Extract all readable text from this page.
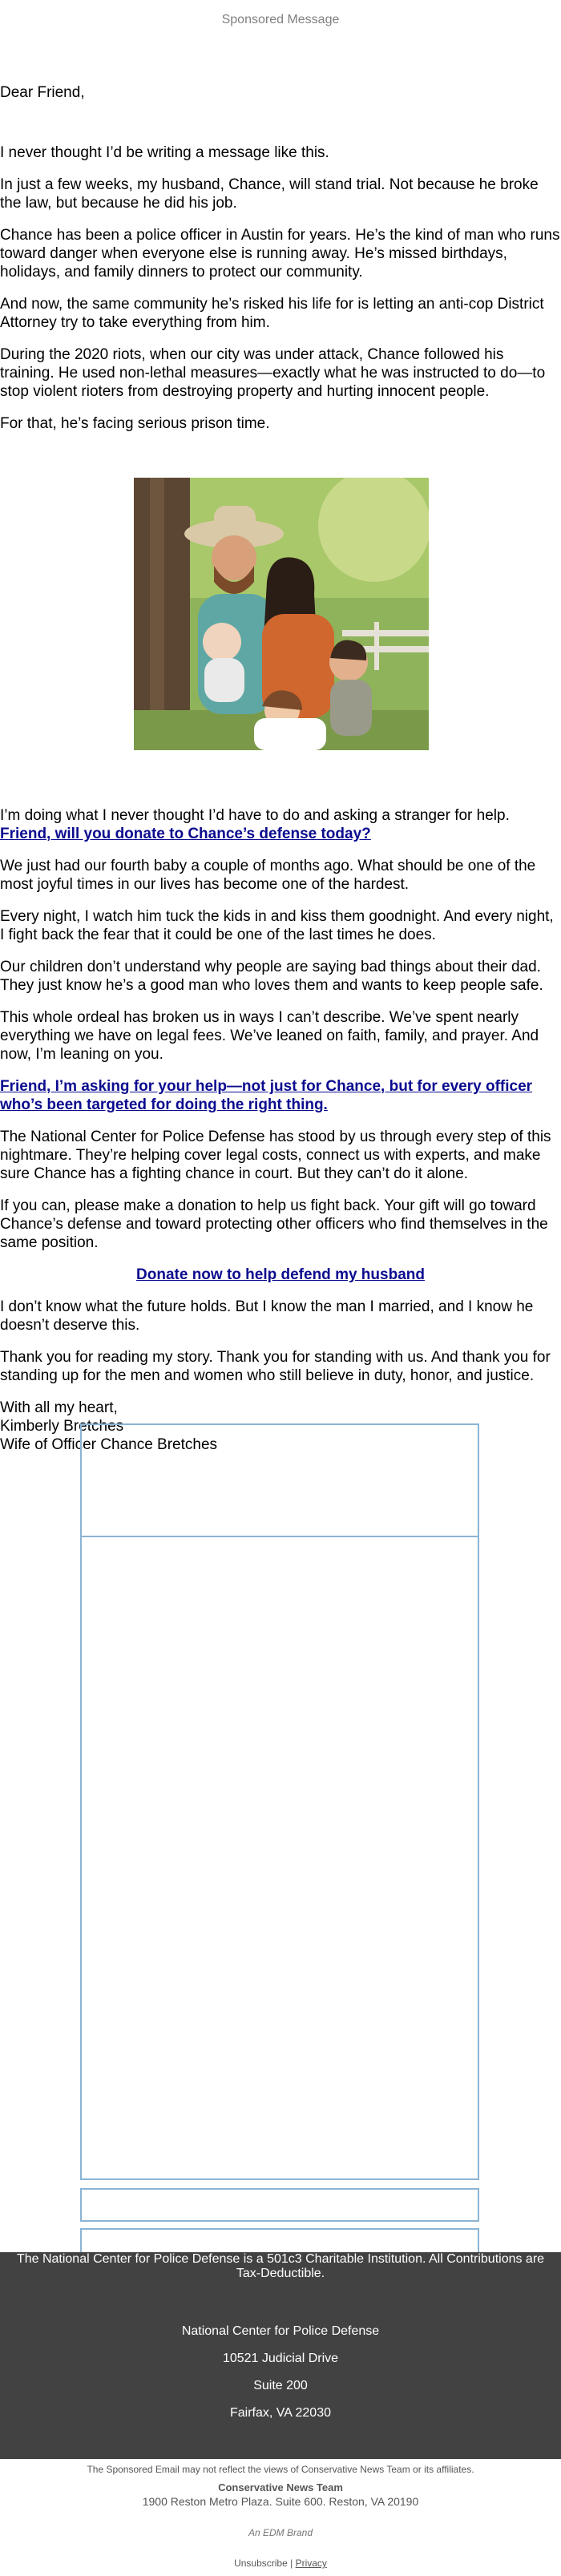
Sponsored Message

Dear Friend,

I never thought I’d be writing a message like this.

In just a few weeks, my husband, Chance, will stand trial. Not because he broke the law, but because he did his job.

Chance has been a police officer in Austin for years. He’s the kind of man who runs toward danger when everyone else is running away. He’s missed birthdays, holidays, and family dinners to protect our community.

And now, the same community he’s risked his life for is letting an anti-cop District Attorney try to take everything from him.

During the 2020 riots, when our city was under attack, Chance followed his training. He used non-lethal measures—exactly what he was instructed to do—to stop violent rioters from destroying property and hurting innocent people.

For that, he’s facing serious prison time.

I’m doing what I never thought I’d have to do and asking a stranger for help. Friend, will you donate to Chance’s defense today?

We just had our fourth baby a couple of months ago. What should be one of the most joyful times in our lives has become one of the hardest.

Every night, I watch him tuck the kids in and kiss them goodnight. And every night, I fight back the fear that it could be one of the last times he does.

Our children don’t understand why people are saying bad things about their dad. They just know he’s a good man who loves them and wants to keep people safe.

This whole ordeal has broken us in ways I can’t describe. We’ve spent nearly everything we have on legal fees. We’ve leaned on faith, family, and prayer. And now, I’m leaning on you.

Friend, I’m asking for your help—not just for Chance, but for every officer who’s been targeted for doing the right thing.

The National Center for Police Defense has stood by us through every step of this nightmare. They’re helping cover legal costs, connect us with experts, and make sure Chance has a fighting chance in court. But they can’t do it alone.

If you can, please make a donation to help us fight back. Your gift will go toward Chance’s defense and toward protecting other officers who find themselves in the same position.

Donate now to help defend my husband

I don’t know what the future holds. But I know the man I married, and I know he doesn’t deserve this.

Thank you for reading my story. Thank you for standing with us. And thank you for standing up for the men and women who still believe in duty, honor, and justice.

With all my heart,
Kimberly Bretches
Wife of Officer Chance Bretches
The National Center for Police Defense is a 501c3 Charitable Institution. All Contributions are Tax-Deductible.
National Center for Police Defense
10521 Judicial Drive
Suite 200
Fairfax, VA 22030
The Sponsored Email may not reflect the views of Conservative News Team or its affiliates.
Conservative News Team
1900 Reston Metro Plaza. Suite 600. Reston, VA 20190
An EDM Brand
Unsubscribe | Privacy
